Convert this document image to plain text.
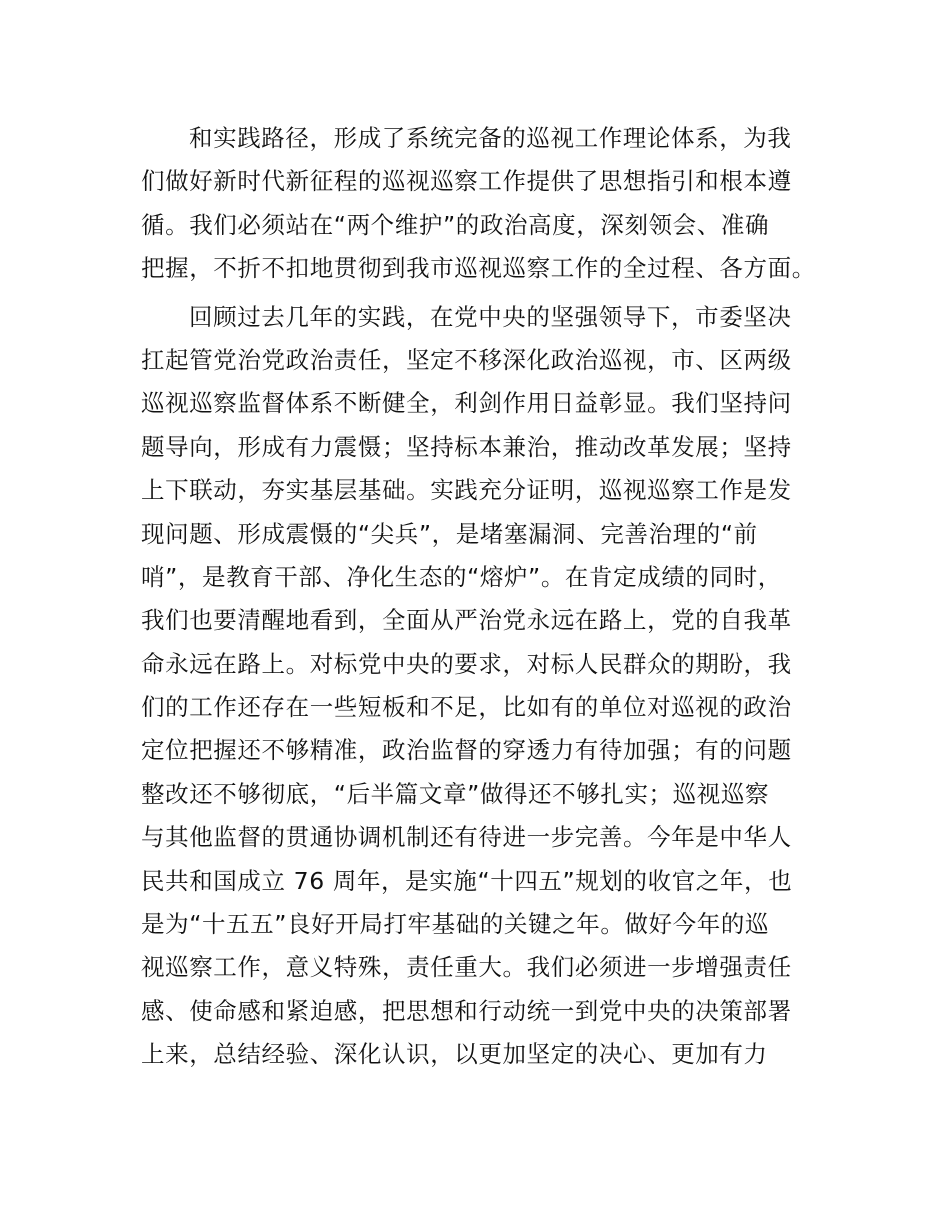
和实践路径，形成了系统完备的巡视工作理论体系，为我
们做好新时代新征程的巡视巡察工作提供了思想指引和根本遵
循。我们必须站在“两个维护”的政治高度，深刻领会、准确
把握，不折不扣地贯彻到我市巡视巡察工作的全过程、各方面。
回顾过去几年的实践，在党中央的坚强领导下，市委坚决
扛起管党治党政治责任，坚定不移深化政治巡视，市、区两级
巡视巡察监督体系不断健全，利剑作用日益彰显。我们坚持问
题导向，形成有力震慑；坚持标本兼治，推动改革发展；坚持
上下联动，夯实基层基础。实践充分证明，巡视巡察工作是发
现问题、形成震慑的“尖兵”，是堵塞漏洞、完善治理的“前
哨”，是教育干部、净化生态的“熔炉”。在肯定成绩的同时，
我们也要清醒地看到，全面从严治党永远在路上，党的自我革
命永远在路上。对标党中央的要求，对标人民群众的期盼，我
们的工作还存在一些短板和不足，比如有的单位对巡视的政治
定位把握还不够精准，政治监督的穿透力有待加强；有的问题
整改还不够彻底，“后半篇文章”做得还不够扎实；巡视巡察
与其他监督的贯通协调机制还有待进一步完善。今年是中华人
民共和国成立 76 周年，是实施“十四五”规划的收官之年，也
是为“十五五”良好开局打牢基础的关键之年。做好今年的巡
视巡察工作，意义特殊，责任重大。我们必须进一步增强责任
感、使命感和紧迫感，把思想和行动统一到党中央的决策部署
上来，总结经验、深化认识，以更加坚定的决心、更加有力
